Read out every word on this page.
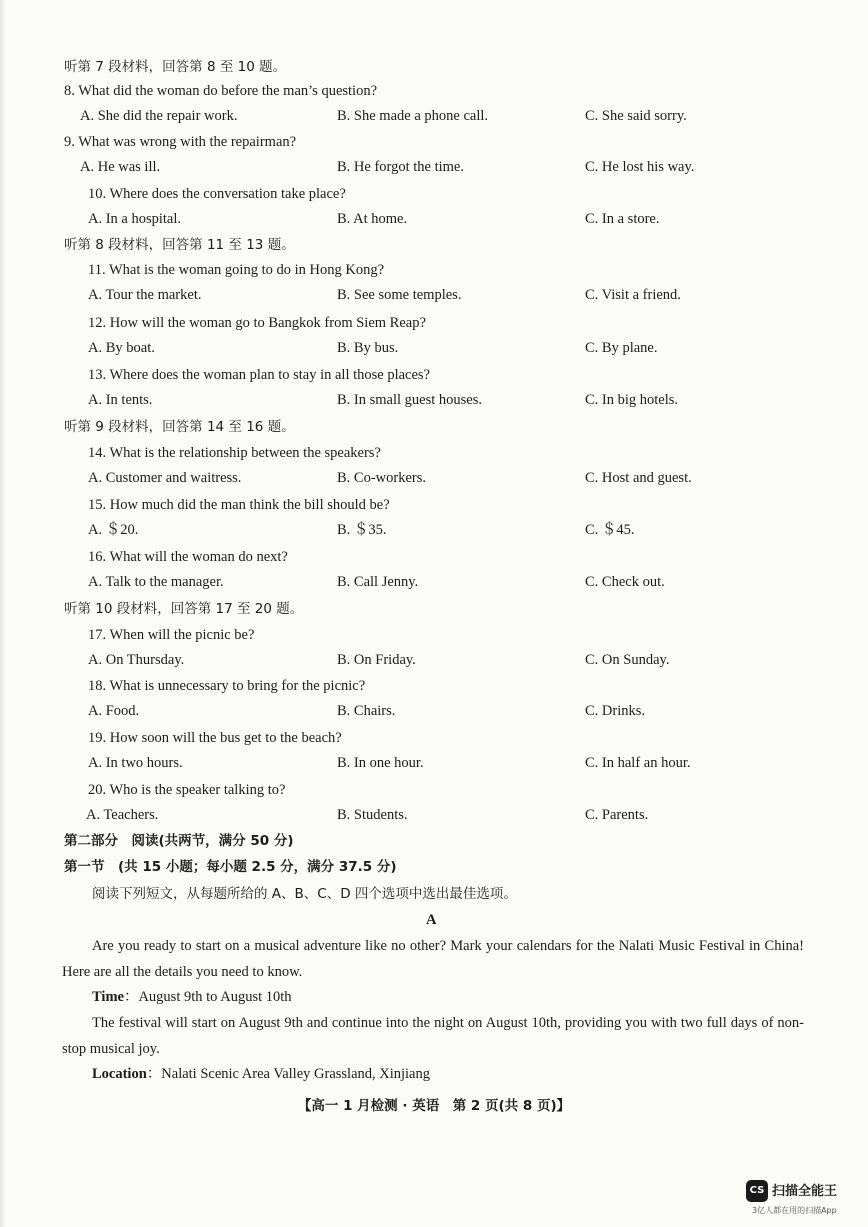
听第 7 段材料，回答第 8 至 10 题。
8. What did the woman do before the man’s question?
A. She did the repair work.	B. She made a phone call.	C. She said sorry.
9. What was wrong with the repairman?
A. He was ill.	B. He forgot the time.	C. He lost his way.
10. Where does the conversation take place?
A. In a hospital.	B. At home.	C. In a store.
11. What is the woman going to do in Hong Kong?
A. Tour the market.	B. See some temples.	C. Visit a friend.
12. How will the woman go to Bangkok from Siem Reap?
A. By boat.	B. By bus.	C. By plane.
13. Where does the woman plan to stay in all those places?
A. In tents.	B. In small guest houses.	C. In big hotels.
14. What is the relationship between the speakers?
A. Customer and waitress.	B. Co-workers.	C. Host and guest.
15. How much did the man think the bill should be?
A. ＄20.	B. ＄35.	C. ＄45.
16. What will the woman do next?
A. Talk to the manager.	B. Call Jenny.	C. Check out.
17. When will the picnic be?
A. On Thursday.	B. On Friday.	C. On Sunday.
18. What is unnecessary to bring for the picnic?
A. Food.	B. Chairs.	C. Drinks.
19. How soon will the bus get to the beach?
A. In two hours.	B. In one hour.	C. In half an hour.
20. Who is the speaker talking to?
A. Teachers.	B. Students.	C. Parents.
听第 8 段材料，回答第 11 至 13 题。
听第 9 段材料，回答第 14 至 16 题。
听第 10 段材料，回答第 17 至 20 题。
第二部分　阅读(共两节，满分 50 分)
第一节　(共 15 小题；每小题 2.5 分，满分 37.5 分)
阅读下列短文，从每题所给的 A、B、C、D 四个选项中选出最佳选项。
A
Are you ready to start on a musical adventure like no other? Mark your calendars for the Nalati Music Festival in China! Here are all the details you need to know.
Time：August 9th to August 10th
The festival will start on August 9th and continue into the night on August 10th, providing you with two full days of non-stop musical joy.
Location：Nalati Scenic Area Valley Grassland, Xinjiang
【高一 1 月检测 · 英语　第 2 页(共 8 页)】
CS 扫描全能王
3亿人都在用的扫描App
